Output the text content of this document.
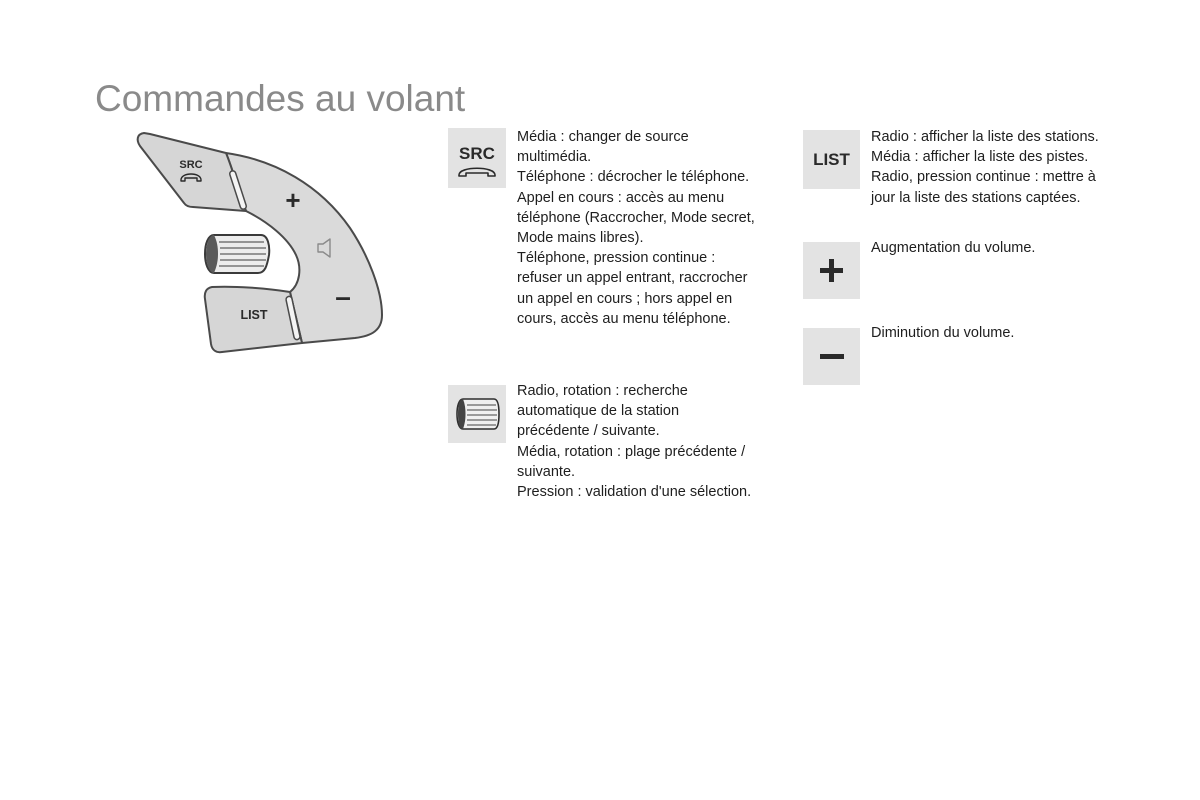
Commandes au volant
SRC
+
–
LIST
SRC

Média : changer de source
multimédia.
Téléphone : décrocher le téléphone.
Appel en cours : accès au menu
téléphone (Raccrocher, Mode secret,
Mode mains libres).
Téléphone, pression continue :
refuser un appel entrant, raccrocher
un appel en cours ; hors appel en
cours, accès au menu téléphone.

Radio, rotation : recherche
automatique de la station
précédente / suivante.
Média, rotation : plage précédente /
suivante.
Pression : validation d'une sélection.

LIST

Radio : afficher la liste des stations.
Média : afficher la liste des pistes.
Radio, pression continue : mettre à
jour la liste des stations captées.

Augmentation du volume.

Diminution du volume.
